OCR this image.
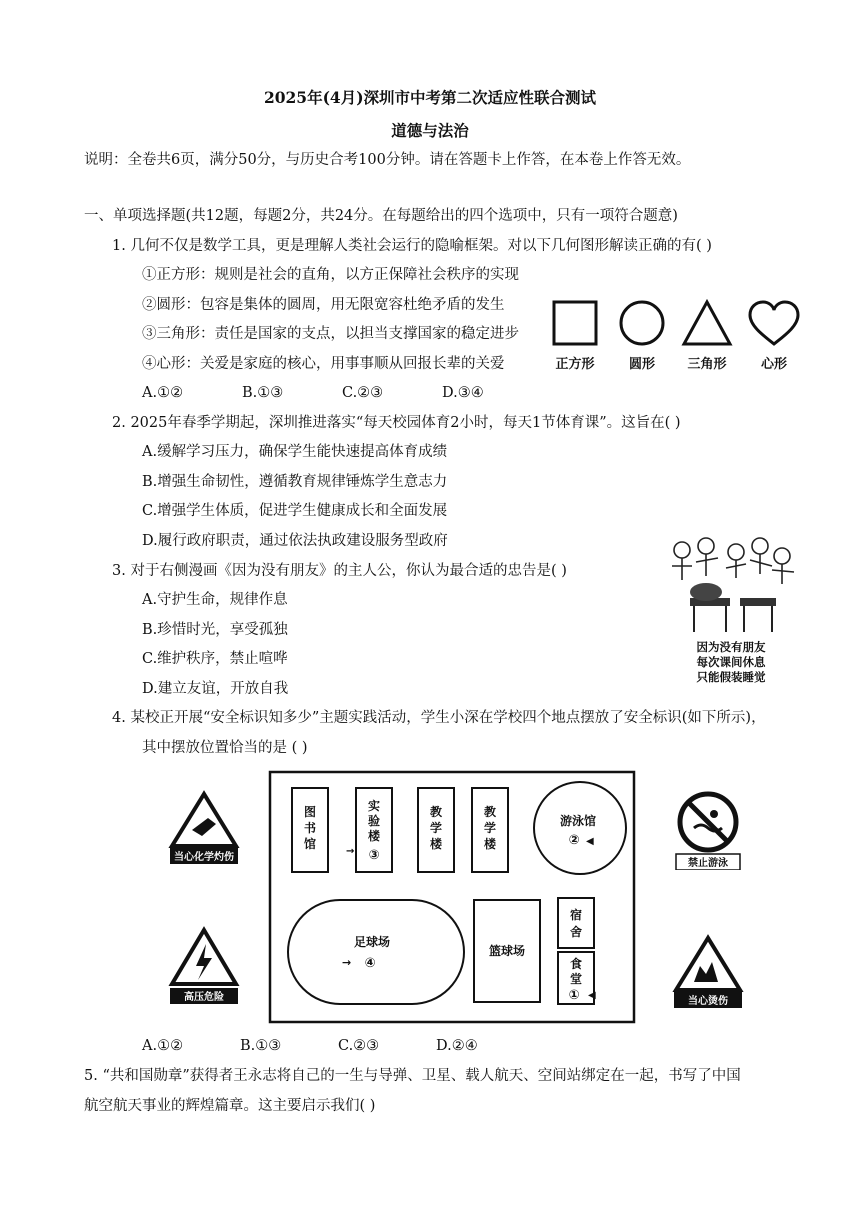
2025年(4月)深圳市中考第二次适应性联合测试
道德与法治
说明：全卷共6页，满分50分，与历史合考100分钟。请在答题卡上作答，在本卷上作答无效。
一、单项选择题(共12题，每题2分，共24分。在每题给出的四个选项中，只有一项符合题意)
1. 几何不仅是数学工具，更是理解人类社会运行的隐喻框架。对以下几何图形解读正确的有( )
①正方形：规则是社会的直角，以方正保障社会秩序的实现
②圆形：包容是集体的圆周，用无限宽容杜绝矛盾的发生
③三角形：责任是国家的支点，以担当支撑国家的稳定进步
④心形：关爱是家庭的核心，用事事顺从回报长辈的关爱
A.①②	B.①③	C.②③	D.③④
正方形	圆形 三角形	心形
2. 2025年春季学期起，深圳推进落实“每天校园体育2小时，每天1节体育课”。这旨在( )
A.缓解学习压力，确保学生能快速提高体育成绩
B.增强生命韧性，遵循教育规律锤炼学生意志力
C.增强学生体质，促进学生健康成长和全面发展
D.履行政府职责，通过依法执政建设服务型政府
3. 对于右侧漫画《因为没有朋友》的主人公，你认为最合适的忠告是( )
A.守护生命，规律作息
B.珍惜时光，享受孤独
C.维护秩序，禁止喧哗
D.建立友谊，开放自我
因为没有朋友
每次课间休息
只能假装睡觉
4. 某校正开展“安全标识知多少”主题实践活动，学生小深在学校四个地点摆放了安全标识(如下所示)，
其中摆放位置恰当的是 ( )
当心化学灼伤
高压危险
禁止游泳
当心烫伤
图
书
馆
→
实
验
楼
③
教
学
楼
教
学
楼
游泳馆
② ◀
足球场
→ ④
篮球场
宿
舍
食
堂
① ◀
A.①②	B.①③	C.②③	D.②④
5. “共和国勋章”获得者王永志将自己的一生与导弹、卫星、载人航天、空间站绑定在一起，书写了中国
航空航天事业的辉煌篇章。这主要启示我们( )
